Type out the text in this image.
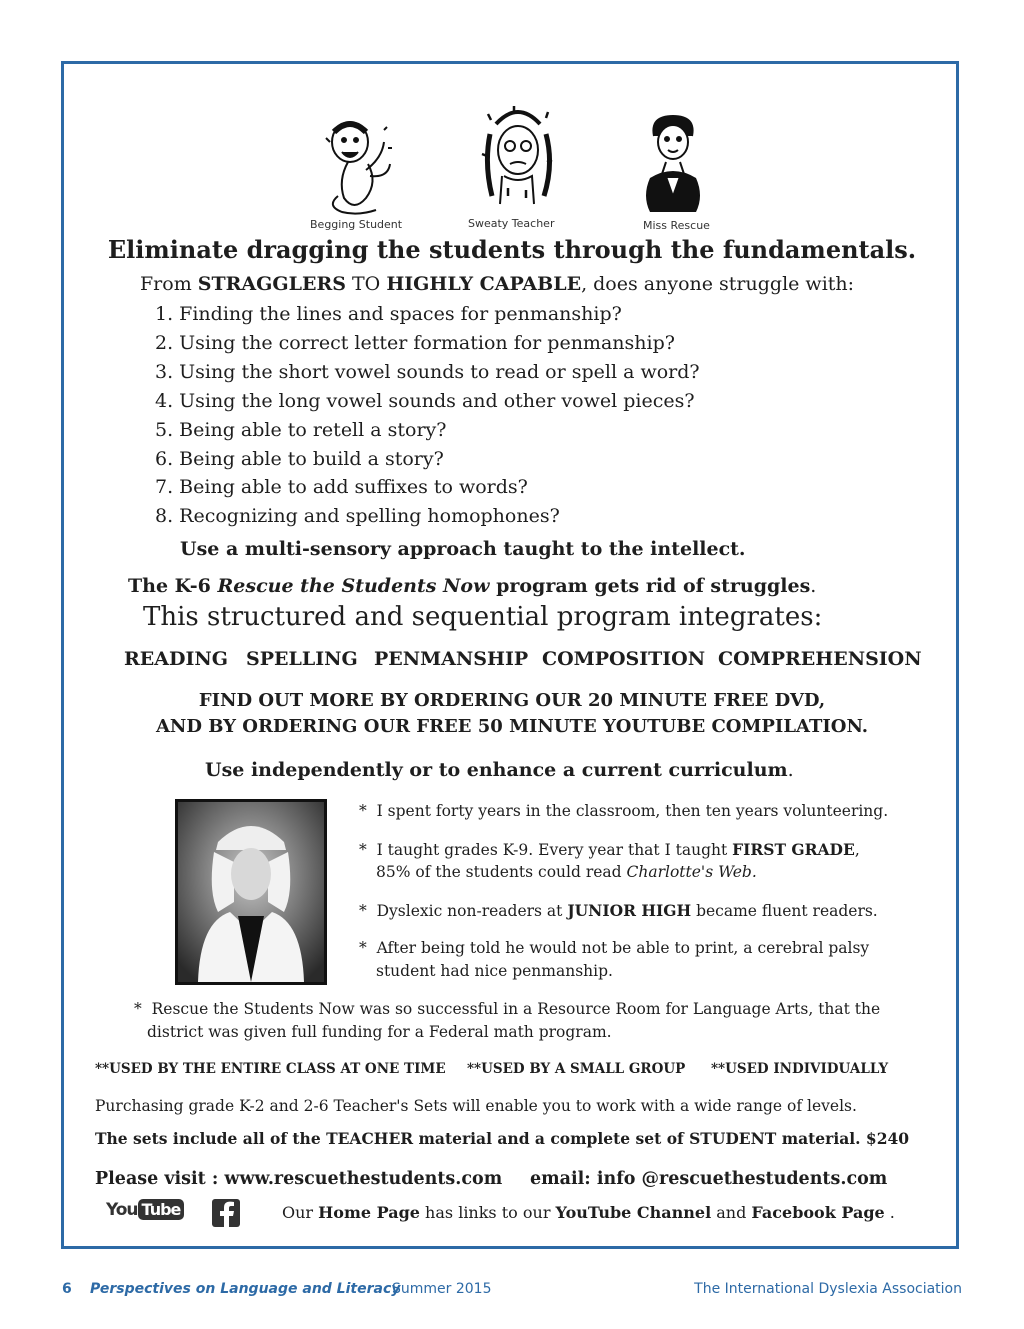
Begging Student	Sweaty Teacher	Miss Rescue
Eliminate dragging the students through the fundamentals.
From STRAGGLERS TO HIGHLY CAPABLE, does anyone struggle with:
1. Finding the lines and spaces for penmanship?
2. Using the correct letter formation for penmanship?
3. Using the short vowel sounds to read or spell a word?
4. Using the long vowel sounds and other vowel pieces?
5. Being able to retell a story?
6. Being able to build a story?
7. Being able to add suffixes to words?
8. Recognizing and spelling homophones?
Use a multi-sensory approach taught to the intellect.
The K-6 Rescue the Students Now program gets rid of struggles.
This structured and sequential program integrates:
READING SPELLING PENMANSHIP COMPOSITION COMPREHENSION
FIND OUT MORE BY ORDERING OUR 20 MINUTE FREE DVD,
AND BY ORDERING OUR FREE 50 MINUTE YOUTUBE COMPILATION.
Use independently or to enhance a current curriculum.
* I spent forty years in the classroom, then ten years volunteering.
* I taught grades K-9. Every year that I taught FIRST GRADE,
85% of the students could read Charlotte's Web.
* Dyslexic non-readers at JUNIOR HIGH became fluent readers.
* After being told he would not be able to print, a cerebral palsy
student had nice penmanship.
* Rescue the Students Now was so successful in a Resource Room for Language Arts, that the
district was given full funding for a Federal math program.
**USED BY THE ENTIRE CLASS AT ONE TIME **USED BY A SMALL GROUP **USED INDIVIDUALLY
Purchasing grade K-2 and 2-6 Teacher's Sets will enable you to work with a wide range of levels.
The sets include all of the TEACHER material and a complete set of STUDENT material. $240
Please visit : www.rescuethestudents.com email: info @rescuethestudents.com
You Tube	Our Home Page has links to our YouTube Channel and Facebook Page .
6 Perspectives on Language and Literacy
Summer 2015	The International Dyslexia Association
